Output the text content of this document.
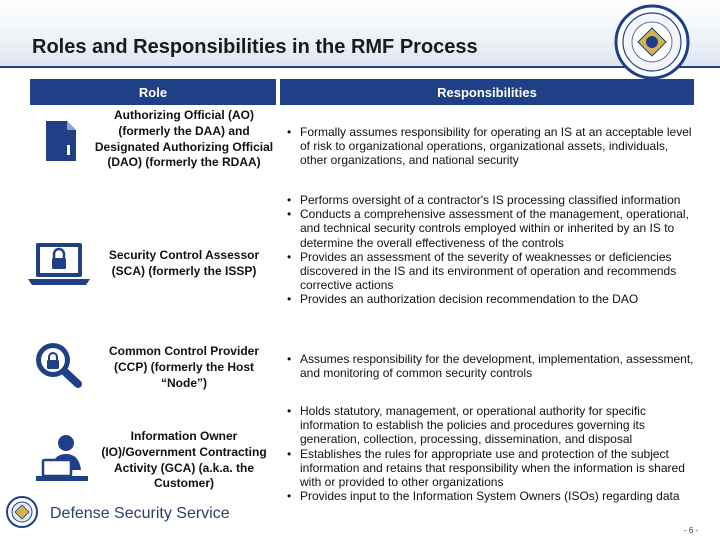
Roles and Responsibilities in the RMF Process
Role	Responsibilities
Authorizing Official (AO) (formerly the DAA) and Designated Authorizing Official (DAO) (formerly the RDAA)
• Formally assumes responsibility for operating an IS at an acceptable level of risk to organizational operations, organizational assets, individuals, other organizations, and national security
Security Control Assessor (SCA) (formerly the ISSP)
• Performs oversight of a contractor's IS processing classified information
• Conducts a comprehensive assessment of the management, operational, and technical security controls employed within or inherited by an IS to determine the overall effectiveness of the controls
• Provides an assessment of the severity of weaknesses or deficiencies discovered in the IS and its environment of operation and recommends corrective actions
• Provides an authorization decision recommendation to the DAO
Common Control Provider (CCP) (formerly the Host “Node”)
• Assumes responsibility for the development, implementation, assessment, and monitoring of common security controls
Information Owner (IO)/Government Contracting Activity (GCA) (a.k.a. the Customer)
• Holds statutory, management, or operational authority for specific information to establish the policies and procedures governing its generation, collection, processing, dissemination, and disposal
• Establishes the rules for appropriate use and protection of the subject information and retains that responsibility when the information is shared with or provided to other organizations
• Provides input to the Information System Owners (ISOs) regarding data
Defense Security Service
- 6 -
